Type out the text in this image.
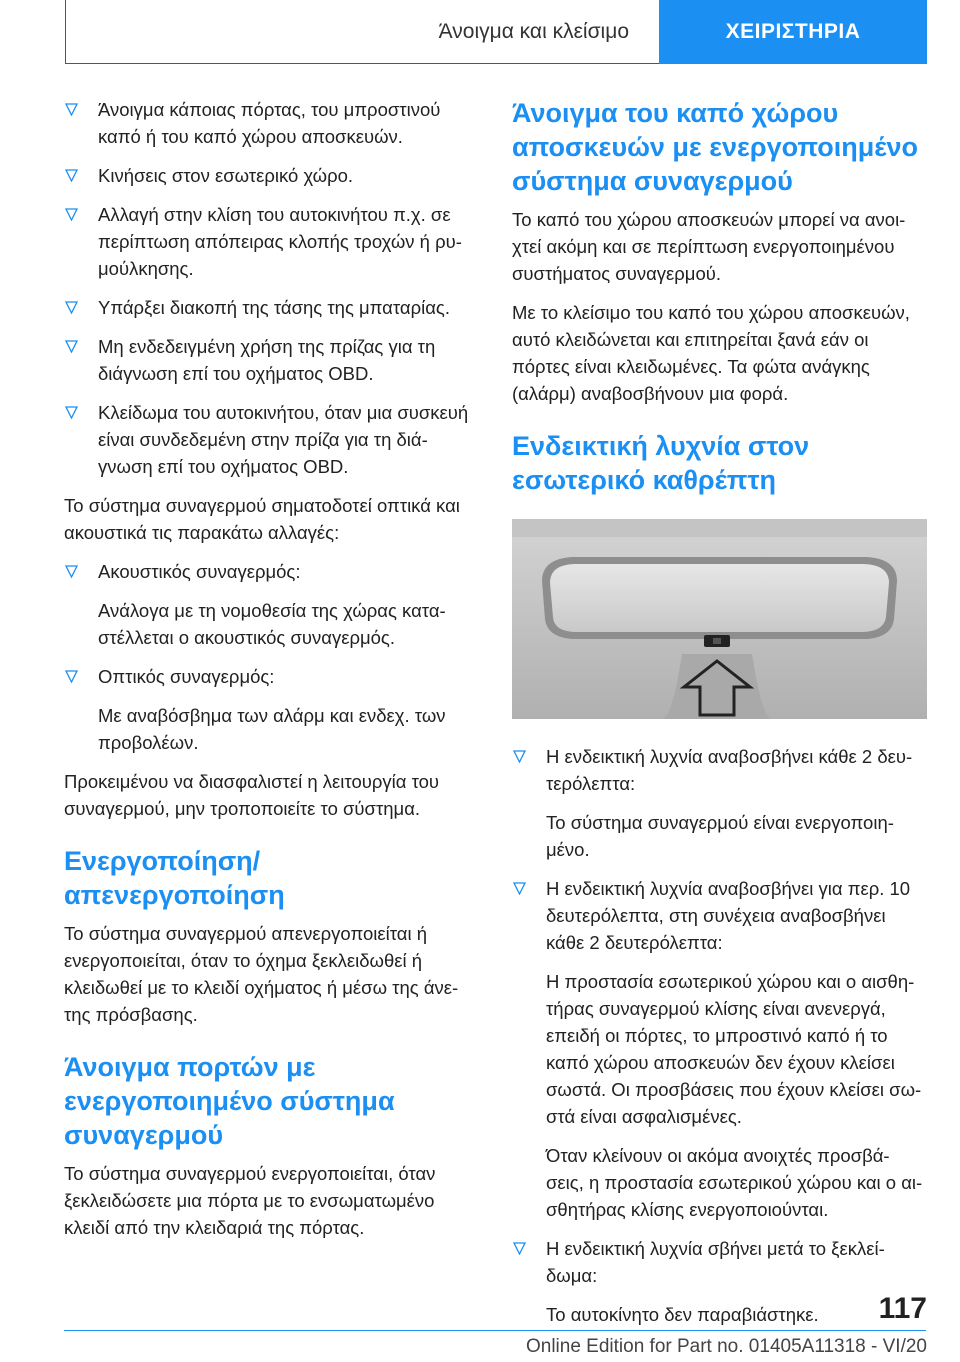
Άνοιγμα και κλείσιμο	ΧΕΙΡΙΣΤΗΡΙΑ
Άνοιγμα κάποιας πόρτας, του μπροστινού καπό ή του καπό χώρου αποσκευών.
Κινήσεις στον εσωτερικό χώρο.
Αλλαγή στην κλίση του αυτοκινήτου π.χ. σε περίπτωση απόπειρας κλοπής τροχών ή ρυ-μούλκησης.
Υπάρξει διακοπή της τάσης της μπαταρίας.
Μη ενδεδειγμένη χρήση της πρίζας για τη διάγνωση επί του οχήματος OBD.
Κλείδωμα του αυτοκινήτου, όταν μια συσκευή είναι συνδεδεμένη στην πρίζα για τη διά-γνωση επί του οχήματος OBD.
Το σύστημα συναγερμού σηματοδοτεί οπτικά και ακουστικά τις παρακάτω αλλαγές:
Ακουστικός συναγερμός:
Ανάλογα με τη νομοθεσία της χώρας κατα-στέλλεται ο ακουστικός συναγερμός.
Οπτικός συναγερμός:
Με αναβόσβημα των αλάρμ και ενδεχ. των προβολέων.
Προκειμένου να διασφαλιστεί η λειτουργία του συναγερμού, μην τροποποιείτε το σύστημα.
Ενεργοποίηση/απενεργοποίηση
Το σύστημα συναγερμού απενεργοποιείται ή ενεργοποιείται, όταν το όχημα ξεκλειδωθεί ή κλειδωθεί με το κλειδί οχήματος ή μέσω της άνε-της πρόσβασης.
Άνοιγμα πορτών με ενεργοποιημένο σύστημα συναγερμού
Το σύστημα συναγερμού ενεργοποιείται, όταν ξεκλειδώσετε μια πόρτα με το ενσωματωμένο κλειδί από την κλειδαριά της πόρτας.
Άνοιγμα του καπό χώρου αποσκευών με ενεργοποιημένο σύστημα συναγερμού
Το καπό του χώρου αποσκευών μπορεί να ανοι-χτεί ακόμη και σε περίπτωση ενεργοποιημένου συστήματος συναγερμού.
Με το κλείσιμο του καπό του χώρου αποσκευών, αυτό κλειδώνεται και επιτηρείται ξανά εάν οι πόρτες είναι κλειδωμένες. Τα φώτα ανάγκης (αλάρμ) αναβοσβήνουν μια φορά.
Ενδεικτική λυχνία στον εσωτερικό καθρέπτη
Η ενδεικτική λυχνία αναβοσβήνει κάθε 2 δευ-τερόλεπτα:
Το σύστημα συναγερμού είναι ενεργοποιη-μένο.
Η ενδεικτική λυχνία αναβοσβήνει για περ. 10 δευτερόλεπτα, στη συνέχεια αναβοσβήνει κάθε 2 δευτερόλεπτα:
Η προστασία εσωτερικού χώρου και ο αισθη-τήρας συναγερμού κλίσης είναι ανενεργά, επειδή οι πόρτες, το μπροστινό καπό ή το καπό χώρου αποσκευών δεν έχουν κλείσει σωστά. Οι προσβάσεις που έχουν κλείσει σω-στά είναι ασφαλισμένες.
Όταν κλείνουν οι ακόμα ανοιχτές προσβά-σεις, η προστασία εσωτερικού χώρου και ο αι-σθητήρας κλίσης ενεργοποιούνται.
Η ενδεικτική λυχνία σβήνει μετά το ξεκλεί-δωμα:
Το αυτοκίνητο δεν παραβιάστηκε.	117
Online Edition for Part no. 01405A11318 - VI/20
